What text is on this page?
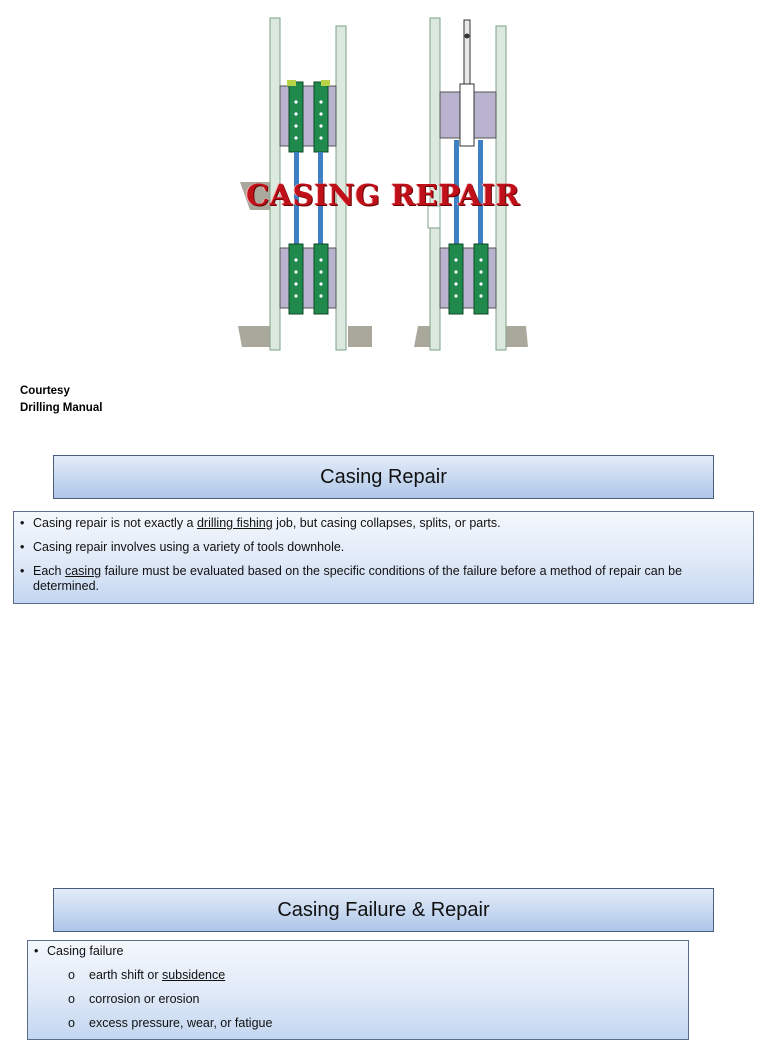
CASING REPAIR
Courtesy
Drilling Manual
Casing Repair
• Casing repair is not exactly a drilling fishing job, but casing collapses, splits, or parts.
• Casing repair involves using a variety of tools downhole.
• Each casing failure must be evaluated based on the specific conditions of the failure before a method of repair can be determined.
Casing Failure & Repair
• Casing failure
o earth shift or subsidence
o corrosion or erosion
o excess pressure, wear, or fatigue
